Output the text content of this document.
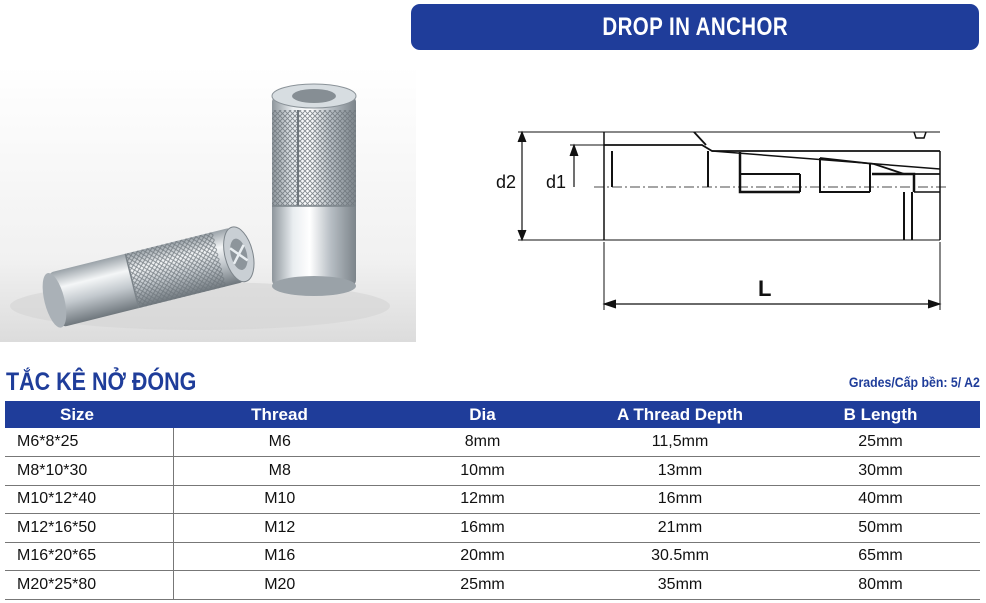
DROP IN ANCHOR
d2 d1
L
TẮC KÊ NỞ ĐÓNG	Grades/Cấp bền: 5/ A2
Size	Thread	Dia	A Thread Depth	B Length
M6*8*25	M6	8mm	11,5mm	25mm
M8*10*30	M8	10mm	13mm	30mm
M10*12*40	M10	12mm	16mm	40mm
M12*16*50	M12	16mm	21mm	50mm
M16*20*65	M16	20mm	30.5mm	65mm
M20*25*80	M20	25mm	35mm	80mm
